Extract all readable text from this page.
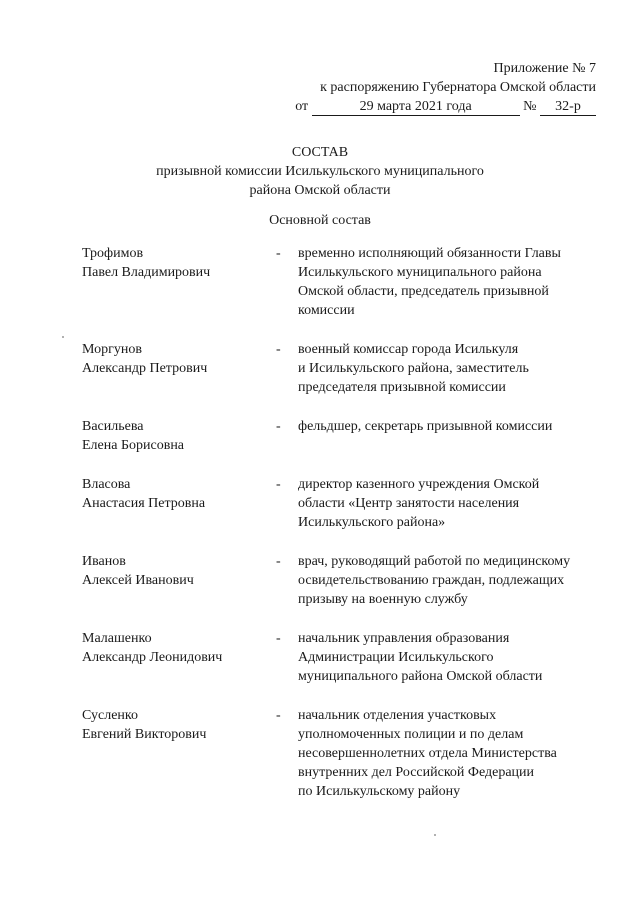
Приложение № 7
к распоряжению Губернатора Омской области
от	29 марта 2021 года	№ 32-р
СОСТАВ
призывной комиссии Исилькульского муниципального
района Омской области
Основной состав
Трофимов
Павел Владимирович
-	временно исполняющий обязанности Главы
Исилькульского муниципального района
Омской области, председатель призывной
комиссии
Моргунов
Александр Петрович
-	военный комиссар города Исилькуля
и Исилькульского района, заместитель
председателя призывной комиссии
Васильева
Елена Борисовна
-	фельдшер, секретарь призывной комиссии
Власова
Анастасия Петровна
-	директор казенного учреждения Омской
области «Центр занятости населения
Исилькульского района»
Иванов
Алексей Иванович
-	врач, руководящий работой по медицинскому
освидетельствованию граждан, подлежащих
призыву на военную службу
Малашенко
Александр Леонидович
-	начальник управления образования
Администрации Исилькульского
муниципального района Омской области
Сусленко
Евгений Викторович
-	начальник отделения участковых
уполномоченных полиции и по делам
несовершеннолетних отдела Министерства
внутренних дел Российской Федерации
по Исилькульскому району
